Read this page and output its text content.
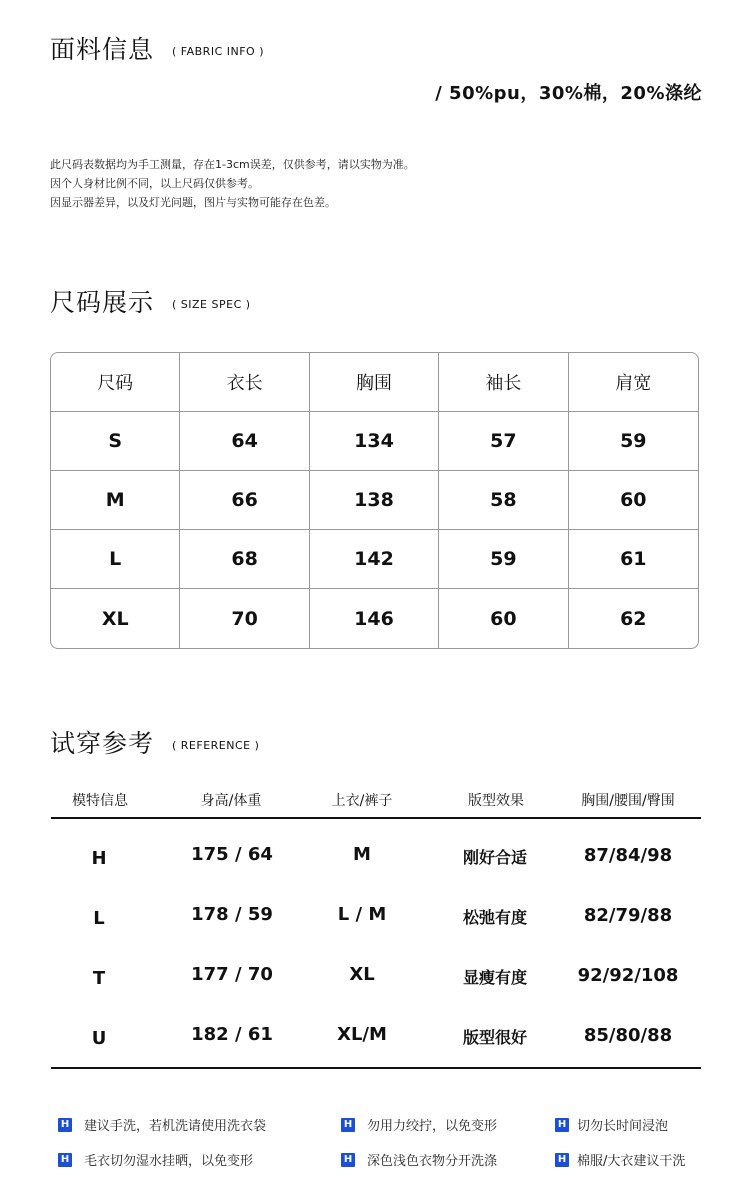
面料信息 ( FABRIC INFO )
/ 50%pu，30%棉，20%涤纶
此尺码表数据均为手工测量，存在1-3cm误差，仅供参考，请以实物为准。
因个人身材比例不同，以上尺码仅供参考。
因显示器差异，以及灯光问题，图片与实物可能存在色差。
尺码展示 ( SIZE SPEC )
尺码	衣长	胸围	袖长	肩宽
S	64	134	57	59
M	66	138	58	60
L	68	142	59	61
XL	70	146	60	62
试穿参考 ( REFERENCE )
模特信息	身高/体重	上衣/裤子	版型效果	胸围/腰围/臀围
H	175 / 64	M	刚好合适	87/84/98
L	178 / 59	L / M	松弛有度	82/79/88
T	177 / 70	XL	显瘦有度	92/92/108
U	182 / 61	XL/M	版型很好	85/80/88
H 建议手洗，若机洗请使用洗衣袋	H 勿用力绞拧，以免变形	H 切勿长时间浸泡
H 毛衣切勿湿水挂晒，以免变形	H 深色浅色衣物分开洗涤	H 棉服/大衣建议干洗
